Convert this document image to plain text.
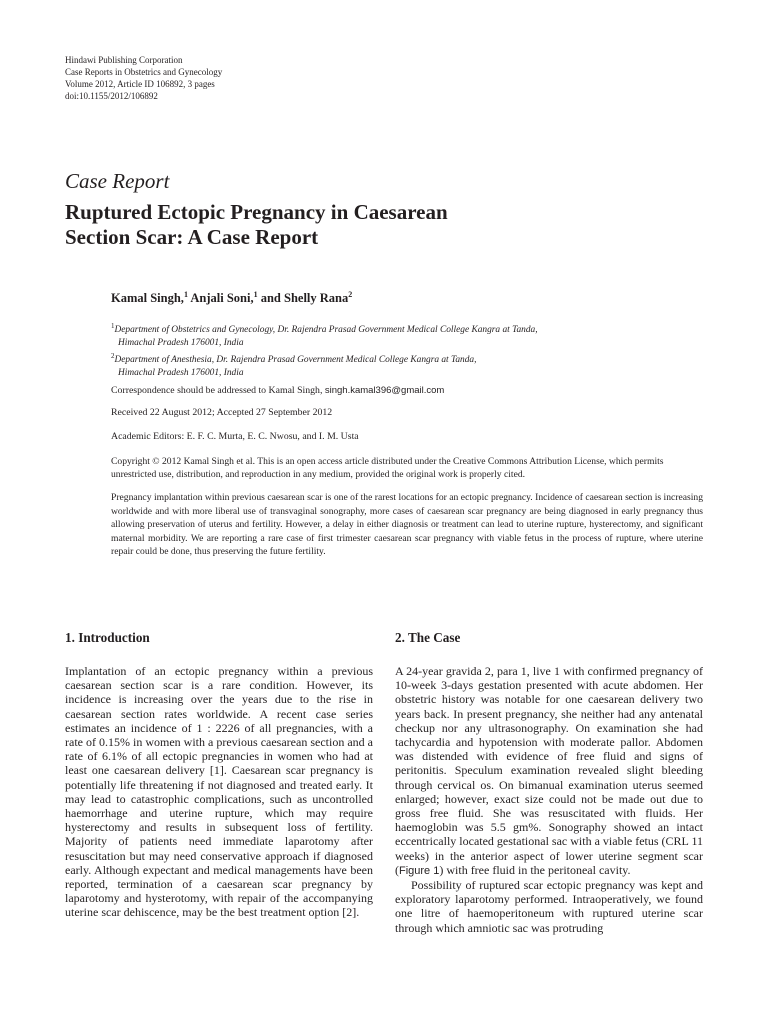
Hindawi Publishing Corporation
Case Reports in Obstetrics and Gynecology
Volume 2012, Article ID 106892, 3 pages
doi:10.1155/2012/106892
Case Report
Ruptured Ectopic Pregnancy in Caesarean
Section Scar: A Case Report
Kamal Singh,$^1$ Anjali Soni,$^1$ and Shelly Rana$^2$
$^1$Department of Obstetrics and Gynecology, Dr. Rajendra Prasad Government Medical College Kangra at Tanda,
Himachal Pradesh 176001, India
$^2$Department of Anesthesia, Dr. Rajendra Prasad Government Medical College Kangra at Tanda,
Himachal Pradesh 176001, India
Correspondence should be addressed to Kamal Singh, singh.kamal396@gmail.com
Received 22 August 2012; Accepted 27 September 2012
Academic Editors: E. F. C. Murta, E. C. Nwosu, and I. M. Usta
Copyright © 2012 Kamal Singh et al. This is an open access article distributed under the Creative Commons Attribution License, which permits unrestricted use, distribution, and reproduction in any medium, provided the original work is properly cited.
Pregnancy implantation within previous caesarean scar is one of the rarest locations for an ectopic pregnancy. Incidence of caesarean section is increasing worldwide and with more liberal use of transvaginal sonography, more cases of caesarean scar pregnancy are being diagnosed in early pregnancy thus allowing preservation of uterus and fertility. However, a delay in either diagnosis or treatment can lead to uterine rupture, hysterectomy, and significant maternal morbidity. We are reporting a rare case of first trimester caesarean scar pregnancy with viable fetus in the process of rupture, where uterine repair could be done, thus preserving the future fertility.
1. Introduction

Implantation of an ectopic pregnancy within a previous caesarean section scar is a rare condition. However, its incidence is increasing over the years due to the rise in caesarean section rates worldwide. A recent case series estimates an incidence of 1 : 2226 of all pregnancies, with a rate of 0.15% in women with a previous caesarean section and a rate of 6.1% of all ectopic pregnancies in women who had at least one caesarean delivery [1]. Caesarean scar pregnancy is potentially life threatening if not diagnosed and treated early. It may lead to catastrophic complications, such as uncontrolled haemorrhage and uterine rupture, which may require hysterectomy and results in subsequent loss of fertility. Majority of patients need immediate laparotomy after resuscitation but may need conservative approach if diagnosed early. Although expectant and medical managements have been reported, termination of a caesarean scar pregnancy by laparotomy and hysterotomy, with repair of the accompanying uterine scar dehiscence, may be the best treatment option [2].

2. The Case

A 24-year gravida 2, para 1, live 1 with confirmed pregnancy of 10-week 3-days gestation presented with acute abdomen. Her obstetric history was notable for one caesarean delivery two years back. In present pregnancy, she neither had any antenatal checkup nor any ultrasonography. On examination she had tachycardia and hypotension with moderate pallor. Abdomen was distended with evidence of free fluid and signs of peritonitis. Speculum examination revealed slight bleeding through cervical os. On bimanual examination uterus seemed enlarged; however, exact size could not be made out due to gross free fluid. She was resuscitated with fluids. Her haemoglobin was 5.5 gm%. Sonography showed an intact eccentrically located gestational sac with a viable fetus (CRL 11 weeks) in the anterior aspect of lower uterine segment scar (Figure 1) with free fluid in the peritoneal cavity.

Possibility of ruptured scar ectopic pregnancy was kept and exploratory laparotomy performed. Intraoperatively, we found one litre of haemoperitoneum with ruptured uterine scar through which amniotic sac was protruding
